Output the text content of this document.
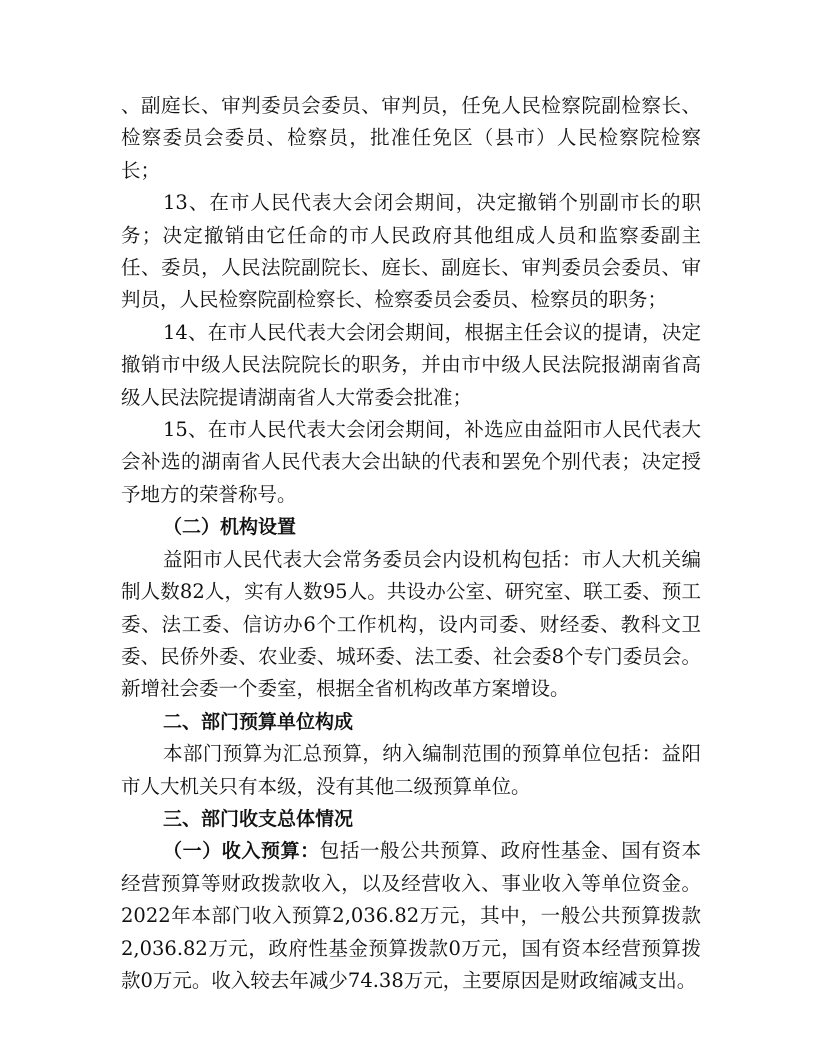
、副庭长、审判委员会委员、审判员，任免人民检察院副检察长、检察委员会委员、检察员，批准任免区（县市）人民检察院检察长；

13、在市人民代表大会闭会期间，决定撤销个别副市长的职务；决定撤销由它任命的市人民政府其他组成人员和监察委副主任、委员，人民法院副院长、庭长、副庭长、审判委员会委员、审判员，人民检察院副检察长、检察委员会委员、检察员的职务；

14、在市人民代表大会闭会期间，根据主任会议的提请，决定撤销市中级人民法院院长的职务，并由市中级人民法院报湖南省高级人民法院提请湖南省人大常委会批准；

15、在市人民代表大会闭会期间，补选应由益阳市人民代表大会补选的湖南省人民代表大会出缺的代表和罢免个别代表；决定授予地方的荣誉称号。

（二）机构设置

益阳市人民代表大会常务委员会内设机构包括：市人大机关编制人数82人，实有人数95人。共设办公室、研究室、联工委、预工委、法工委、信访办6个工作机构，设内司委、财经委、教科文卫委、民侨外委、农业委、城环委、法工委、社会委8个专门委员会。新增社会委一个委室，根据全省机构改革方案增设。

二、部门预算单位构成

本部门预算为汇总预算，纳入编制范围的预算单位包括：益阳市人大机关只有本级，没有其他二级预算单位。

三、部门收支总体情况

（一）收入预算：包括一般公共预算、政府性基金、国有资本经营预算等财政拨款收入，以及经营收入、事业收入等单位资金。2022年本部门收入预算2,036.82万元，其中，一般公共预算拨款2,036.82万元，政府性基金预算拨款0万元，国有资本经营预算拨款0万元。收入较去年减少74.38万元，主要原因是财政缩减支出。
